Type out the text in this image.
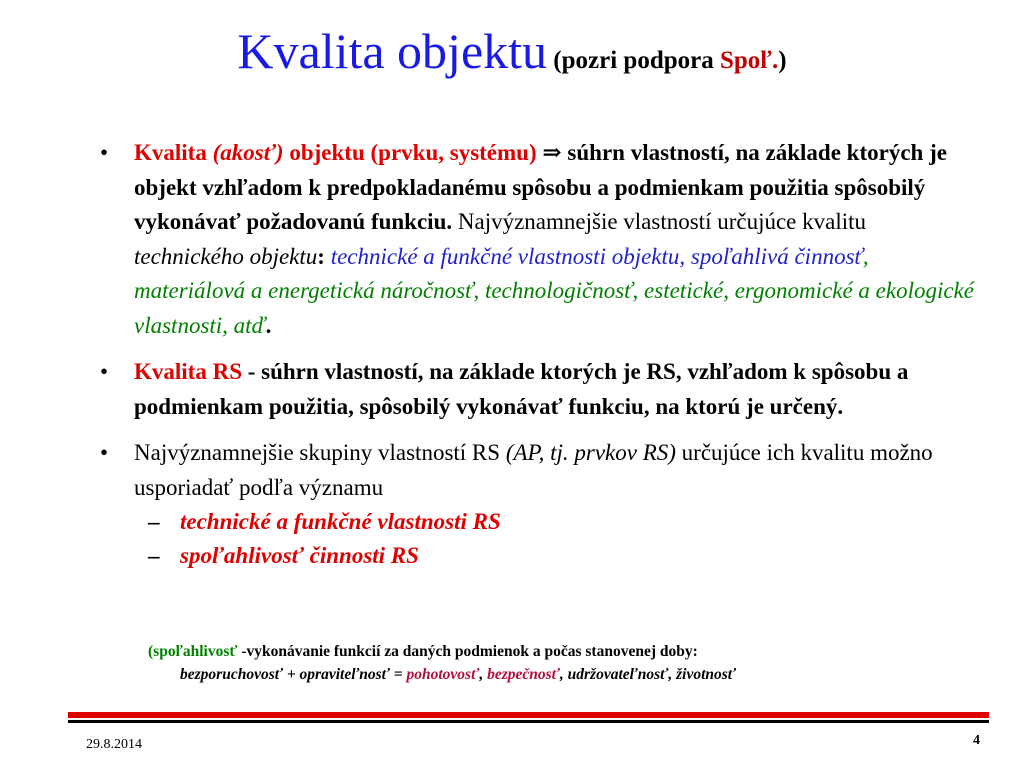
Kvalita objektu (pozri podpora Spoľ.)
• Kvalita (akosť) objektu (prvku, systému) ⇒ súhrn vlastností, na základe ktorých je objekt vzhľadom k predpokladanému spôsobu a podmienkam použitia spôsobilý vykonávať požadovanú funkciu. Najvýznamnejšie vlastností určujúce kvalitu technického objektu: technické a funkčné vlastnosti objektu, spoľahlivá činnosť, materiálová a energetická náročnosť, technologičnosť, estetické, ergonomické a ekologické vlastnosti, atď.
• Kvalita RS - súhrn vlastností, na základe ktorých je RS, vzhľadom k spôsobu a podmienkam použitia, spôsobilý vykonávať funkciu, na ktorú je určený.
• Najvýznamnejšie skupiny vlastností RS (AP, tj. prvkov RS) určujúce ich kvalitu možno usporiadať podľa významu
– technické a funkčné vlastnosti RS
– spoľahlivosť činnosti RS
(spoľahlivosť -vykonávanie funkcií za daných podmienok a počas stanovenej doby:
bezporuchovosť + opraviteľnosť = pohotovosť, bezpečnosť, udržovateľnosť, životnosť
29.8.2014	4
